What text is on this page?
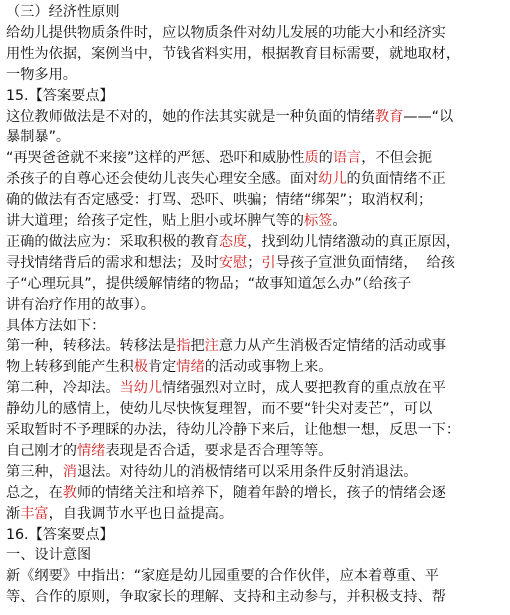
（三）经济性原则
给幼儿提供物质条件时，应以物质条件对幼儿发展的功能大小和经济实
用性为依据，案例当中，节钱省料实用，根据教育目标需要，就地取材，
一物多用。
15.【答案要点】
这位教师做法是不对的，她的作法其实就是一种负面的情绪教育——“以
暴制暴”。
“再哭爸爸就不来接”这样的严惩、恐吓和威胁性质的语言，不但会扼
杀孩子的自尊心还会使幼儿丧失心理安全感。面对幼儿的负面情绪不正
确的做法有否定感受：打骂、恐吓、哄骗；情绪“绑架”；取消权利；
讲大道理；给孩子定性，贴上胆小或坏脾气等的标签。
正确的做法应为：采取积极的教育态度，找到幼儿情绪激动的真正原因，
寻找情绪背后的需求和想法；及时安慰；引导孩子宣泄负面情绪，  给孩
子“心理玩具”，提供缓解情绪的物品；“故事知道怎么办”（给孩子
讲有治疗作用的故事）。
具体方法如下：
第一种，转移法。转移法是指把注意力从产生消极否定情绪的活动或事
物上转移到能产生积极肯定情绪的活动或事物上来。
第二种，冷却法。当幼儿情绪强烈对立时，成人要把教育的重点放在平
静幼儿的感情上，使幼儿尽快恢复理智，而不要“针尖对麦芒”，可以
采取暂时不予理睬的办法，待幼儿冷静下来后，让他想一想，反思一下：
自己刚才的情绪表现是否合适，要求是否合理等等。
第三种，消退法。对待幼儿的消极情绪可以采用条件反射消退法。
总之，在教师的情绪关注和培养下，随着年龄的增长，孩子的情绪会逐
渐丰富，自我调节水平也日益提高。
16.【答案要点】
一、设计意图
新《纲要》中指出：“家庭是幼儿园重要的合作伙伴，应本着尊重、平
等、合作的原则，争取家长的理解、支持和主动参与，并积极支持、帮
